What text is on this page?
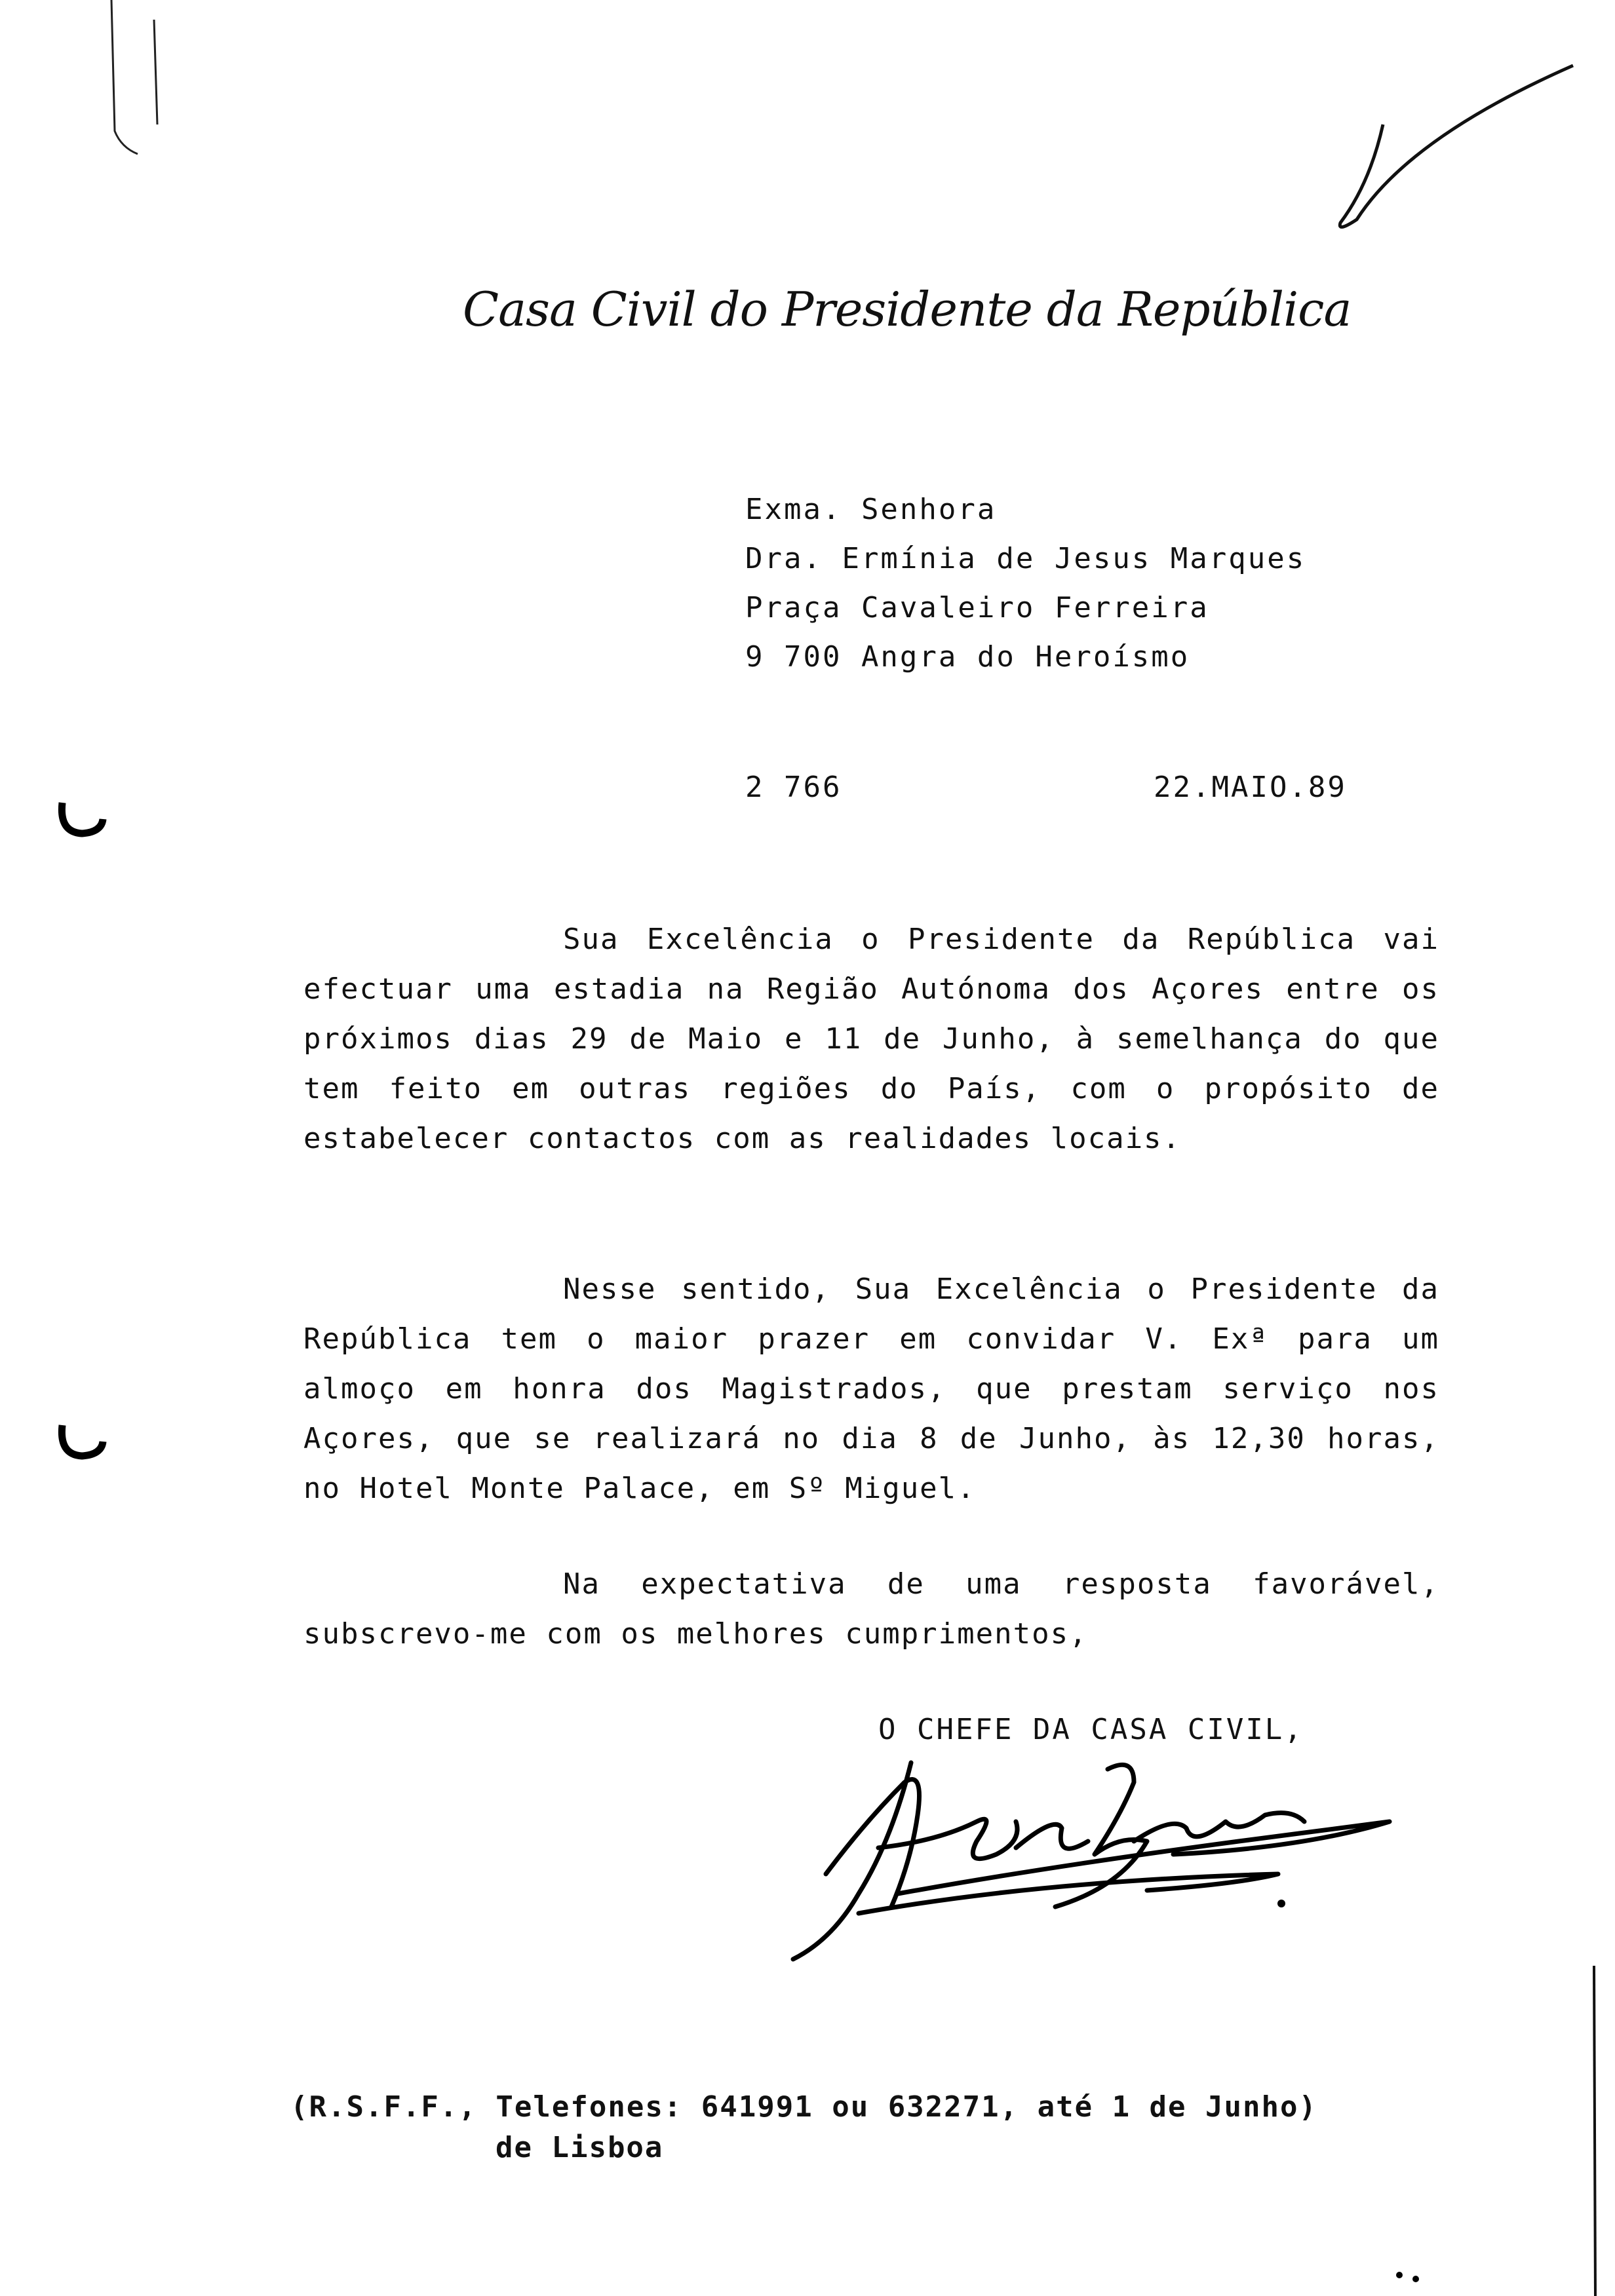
Casa Civil do Presidente da República
Exma. Senhora
Dra. Ermínia de Jesus Marques
Praça Cavaleiro Ferreira
9 700 Angra do Heroísmo
2 766	22.MAIO.89
Sua Excelência o Presidente da República vai efectuar uma estadia na Região Autónoma dos Açores entre os próximos dias 29 de Maio e 11 de Junho, à semelhança do que tem feito em outras regiões do País, com o propósito de estabelecer contactos com as realidades locais.
Nesse sentido, Sua Excelência o Presidente da República tem o maior prazer em convidar V. Exª para um almoço em honra dos Magistrados, que prestam serviço nos Açores, que se realizará no dia 8 de Junho, às 12,30 horas, no Hotel Monte Palace, em Sº Miguel.
Na expectativa de uma resposta favorável, subscrevo-me com os melhores cumprimentos,
O CHEFE DA CASA CIVIL,
(R.S.F.F., Telefones: 641991 ou 632271, até 1 de Junho)
de Lisboa
